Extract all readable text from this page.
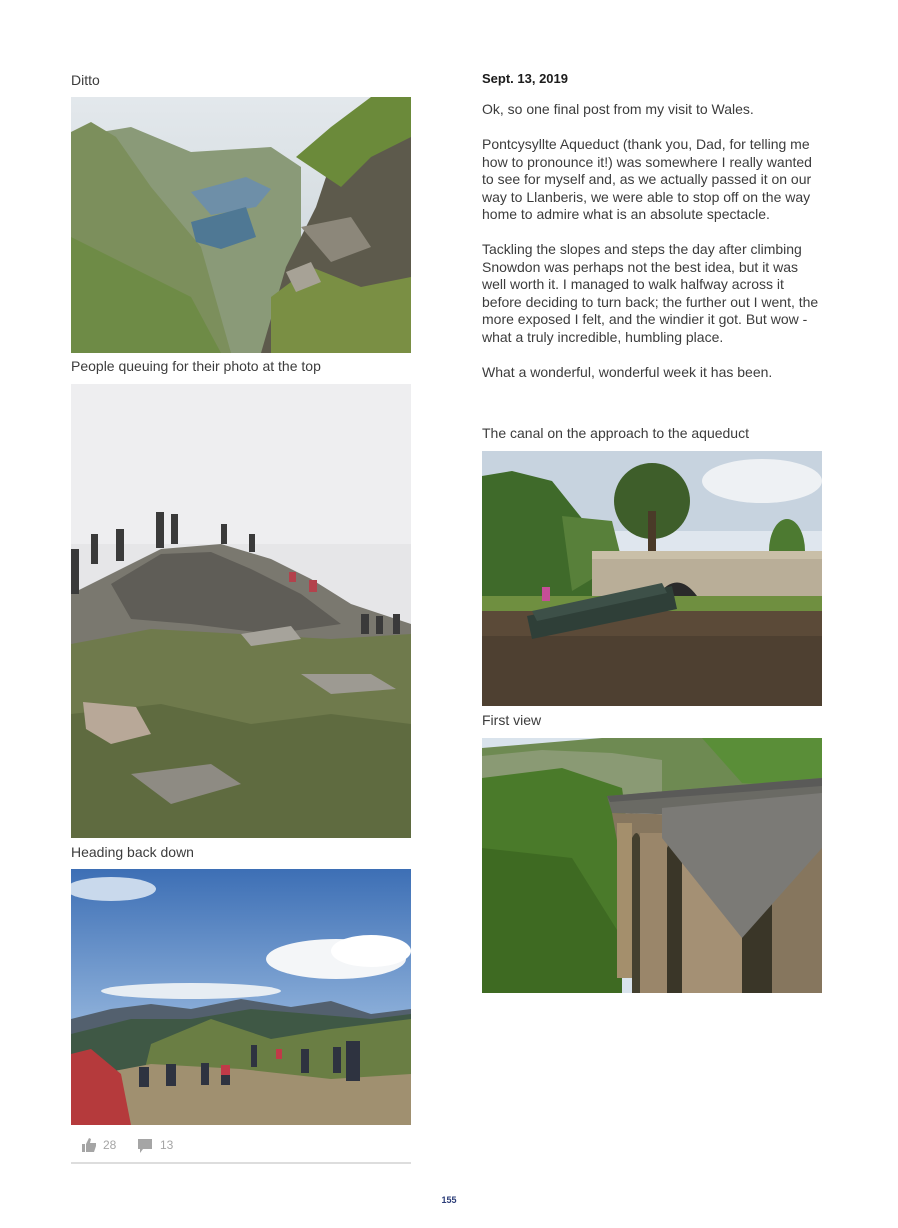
Ditto
People queuing for their photo at the top
Heading back down
28	13
Sept. 13, 2019

Ok, so one final post from my visit to Wales.

Pontcysyllte Aqueduct (thank you, Dad, for telling me how to pronounce it!) was somewhere I really wanted to see for myself and, as we actually passed it on our way to Llanberis, we were able to stop off on the way home to admire what is an absolute spectacle.

Tackling the slopes and steps the day after climbing Snowdon was perhaps not the best idea, but it was well worth it. I managed to walk halfway across it before deciding to turn back; the further out I went, the more exposed I felt, and the windier it got. But wow - what a truly incredible, humbling place.

What a wonderful, wonderful week it has been.

The canal on the approach to the aqueduct
First view
155
